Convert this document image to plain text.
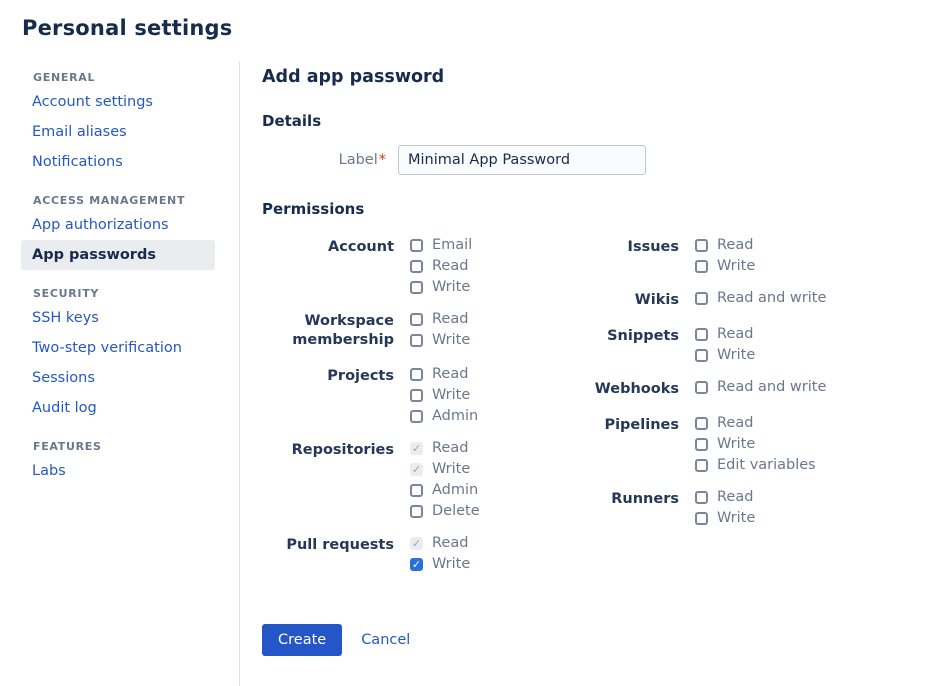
Personal settings
GENERAL
Account settings
Email aliases
Notifications
ACCESS MANAGEMENT
App authorizations
App passwords
SECURITY
SSH keys
Two-step verification
Sessions
Audit log
FEATURES
Labs
Add app password
Details
Label*
Minimal App Password
Permissions
Account	Email
Read
Write
Workspace membership
Read
Write
Projects	Read
Write
Admin
Repositories	✓ Read
✓ Write
Admin
Delete
Pull requests	✓ Read
✓ Write
Issues	Read
Write
Wikis	Read and write
Snippets	Read
Write
Webhooks	Read and write
Pipelines	Read
Write
Edit variables
Runners	Read
Write
Create	Cancel
